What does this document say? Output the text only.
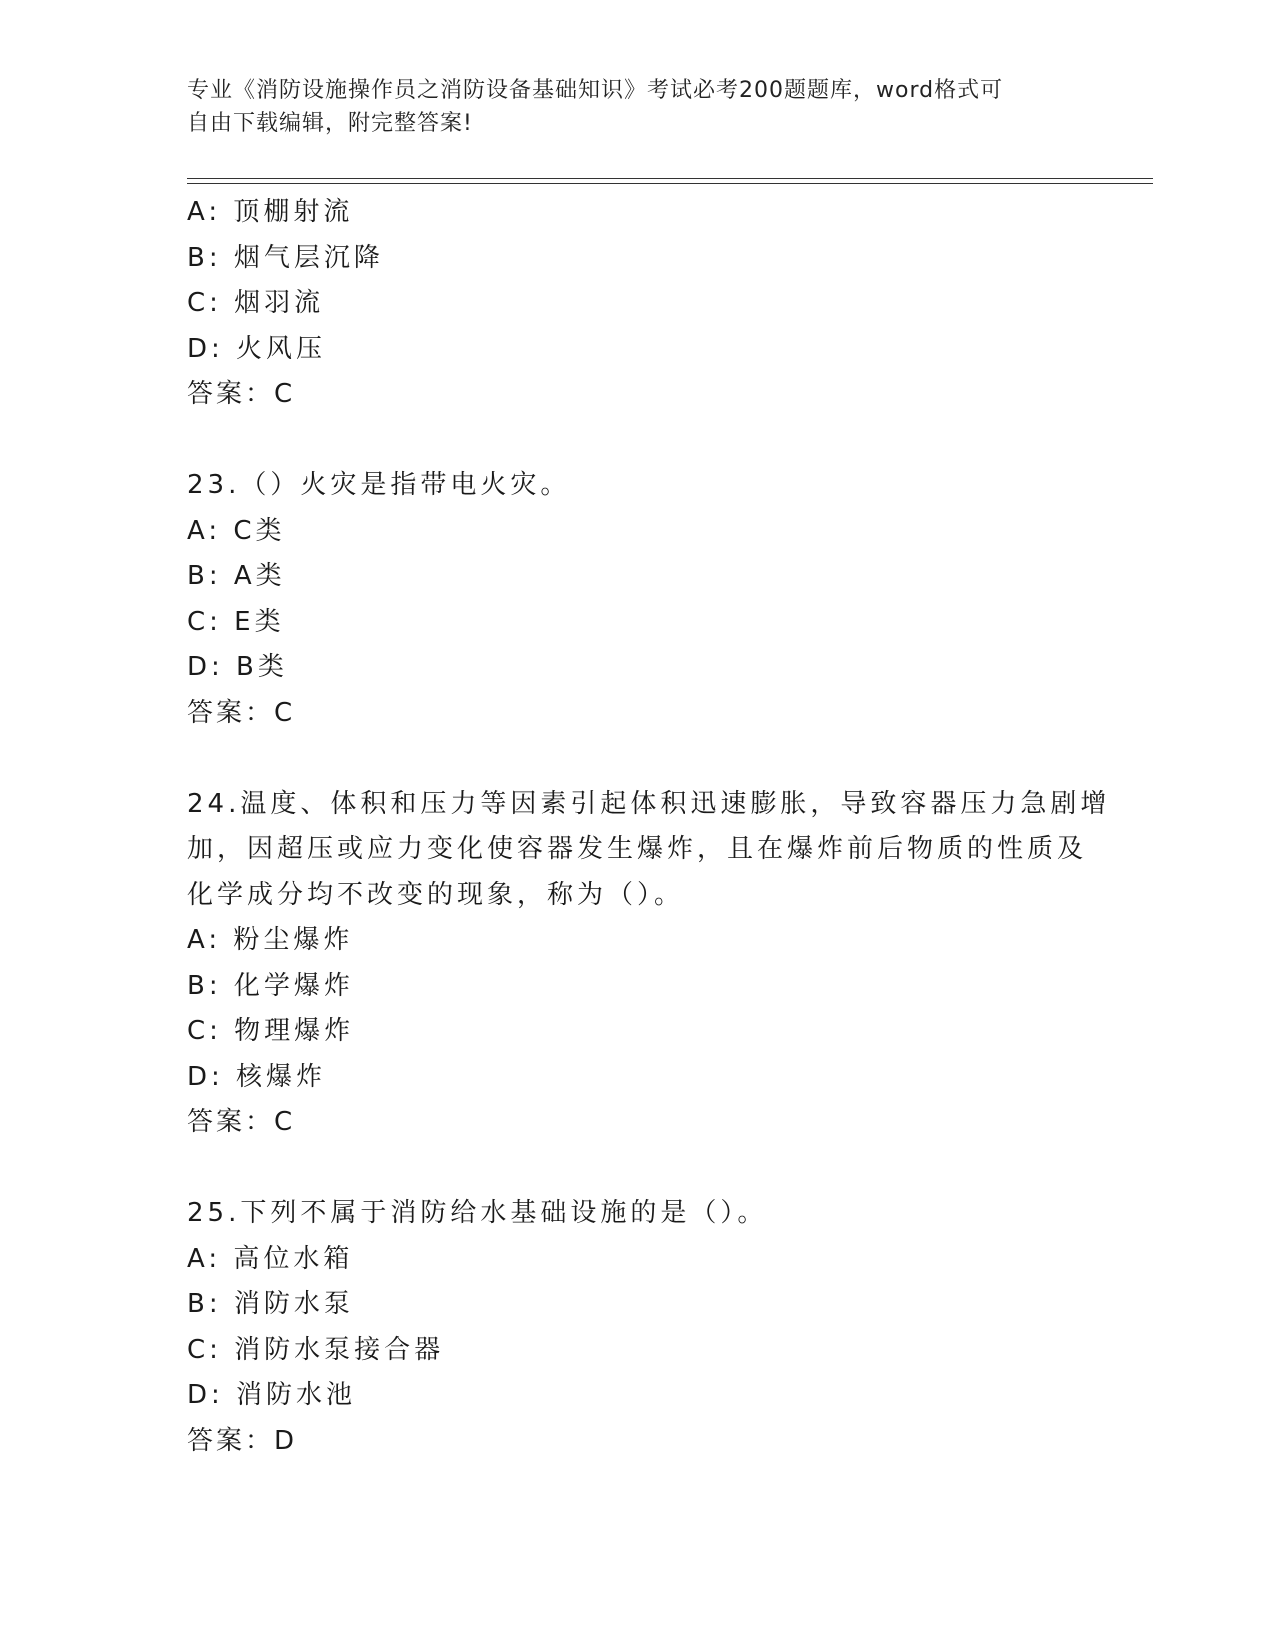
专业《消防设施操作员之消防设备基础知识》考试必考200题题库，word格式可
自由下载编辑，附完整答案!
A: 顶棚射流
B: 烟气层沉降
C: 烟羽流
D: 火风压
答案：C
23.（）火灾是指带电火灾。
A: C类
B: A类
C: E类
D: B类
答案：C
24.温度、体积和压力等因素引起体积迅速膨胀，导致容器压力急剧增
加，因超压或应力变化使容器发生爆炸，且在爆炸前后物质的性质及
化学成分均不改变的现象，称为（）。
A: 粉尘爆炸
B: 化学爆炸
C: 物理爆炸
D: 核爆炸
答案：C
25.下列不属于消防给水基础设施的是（）。
A: 高位水箱
B: 消防水泵
C: 消防水泵接合器
D: 消防水池
答案：D
